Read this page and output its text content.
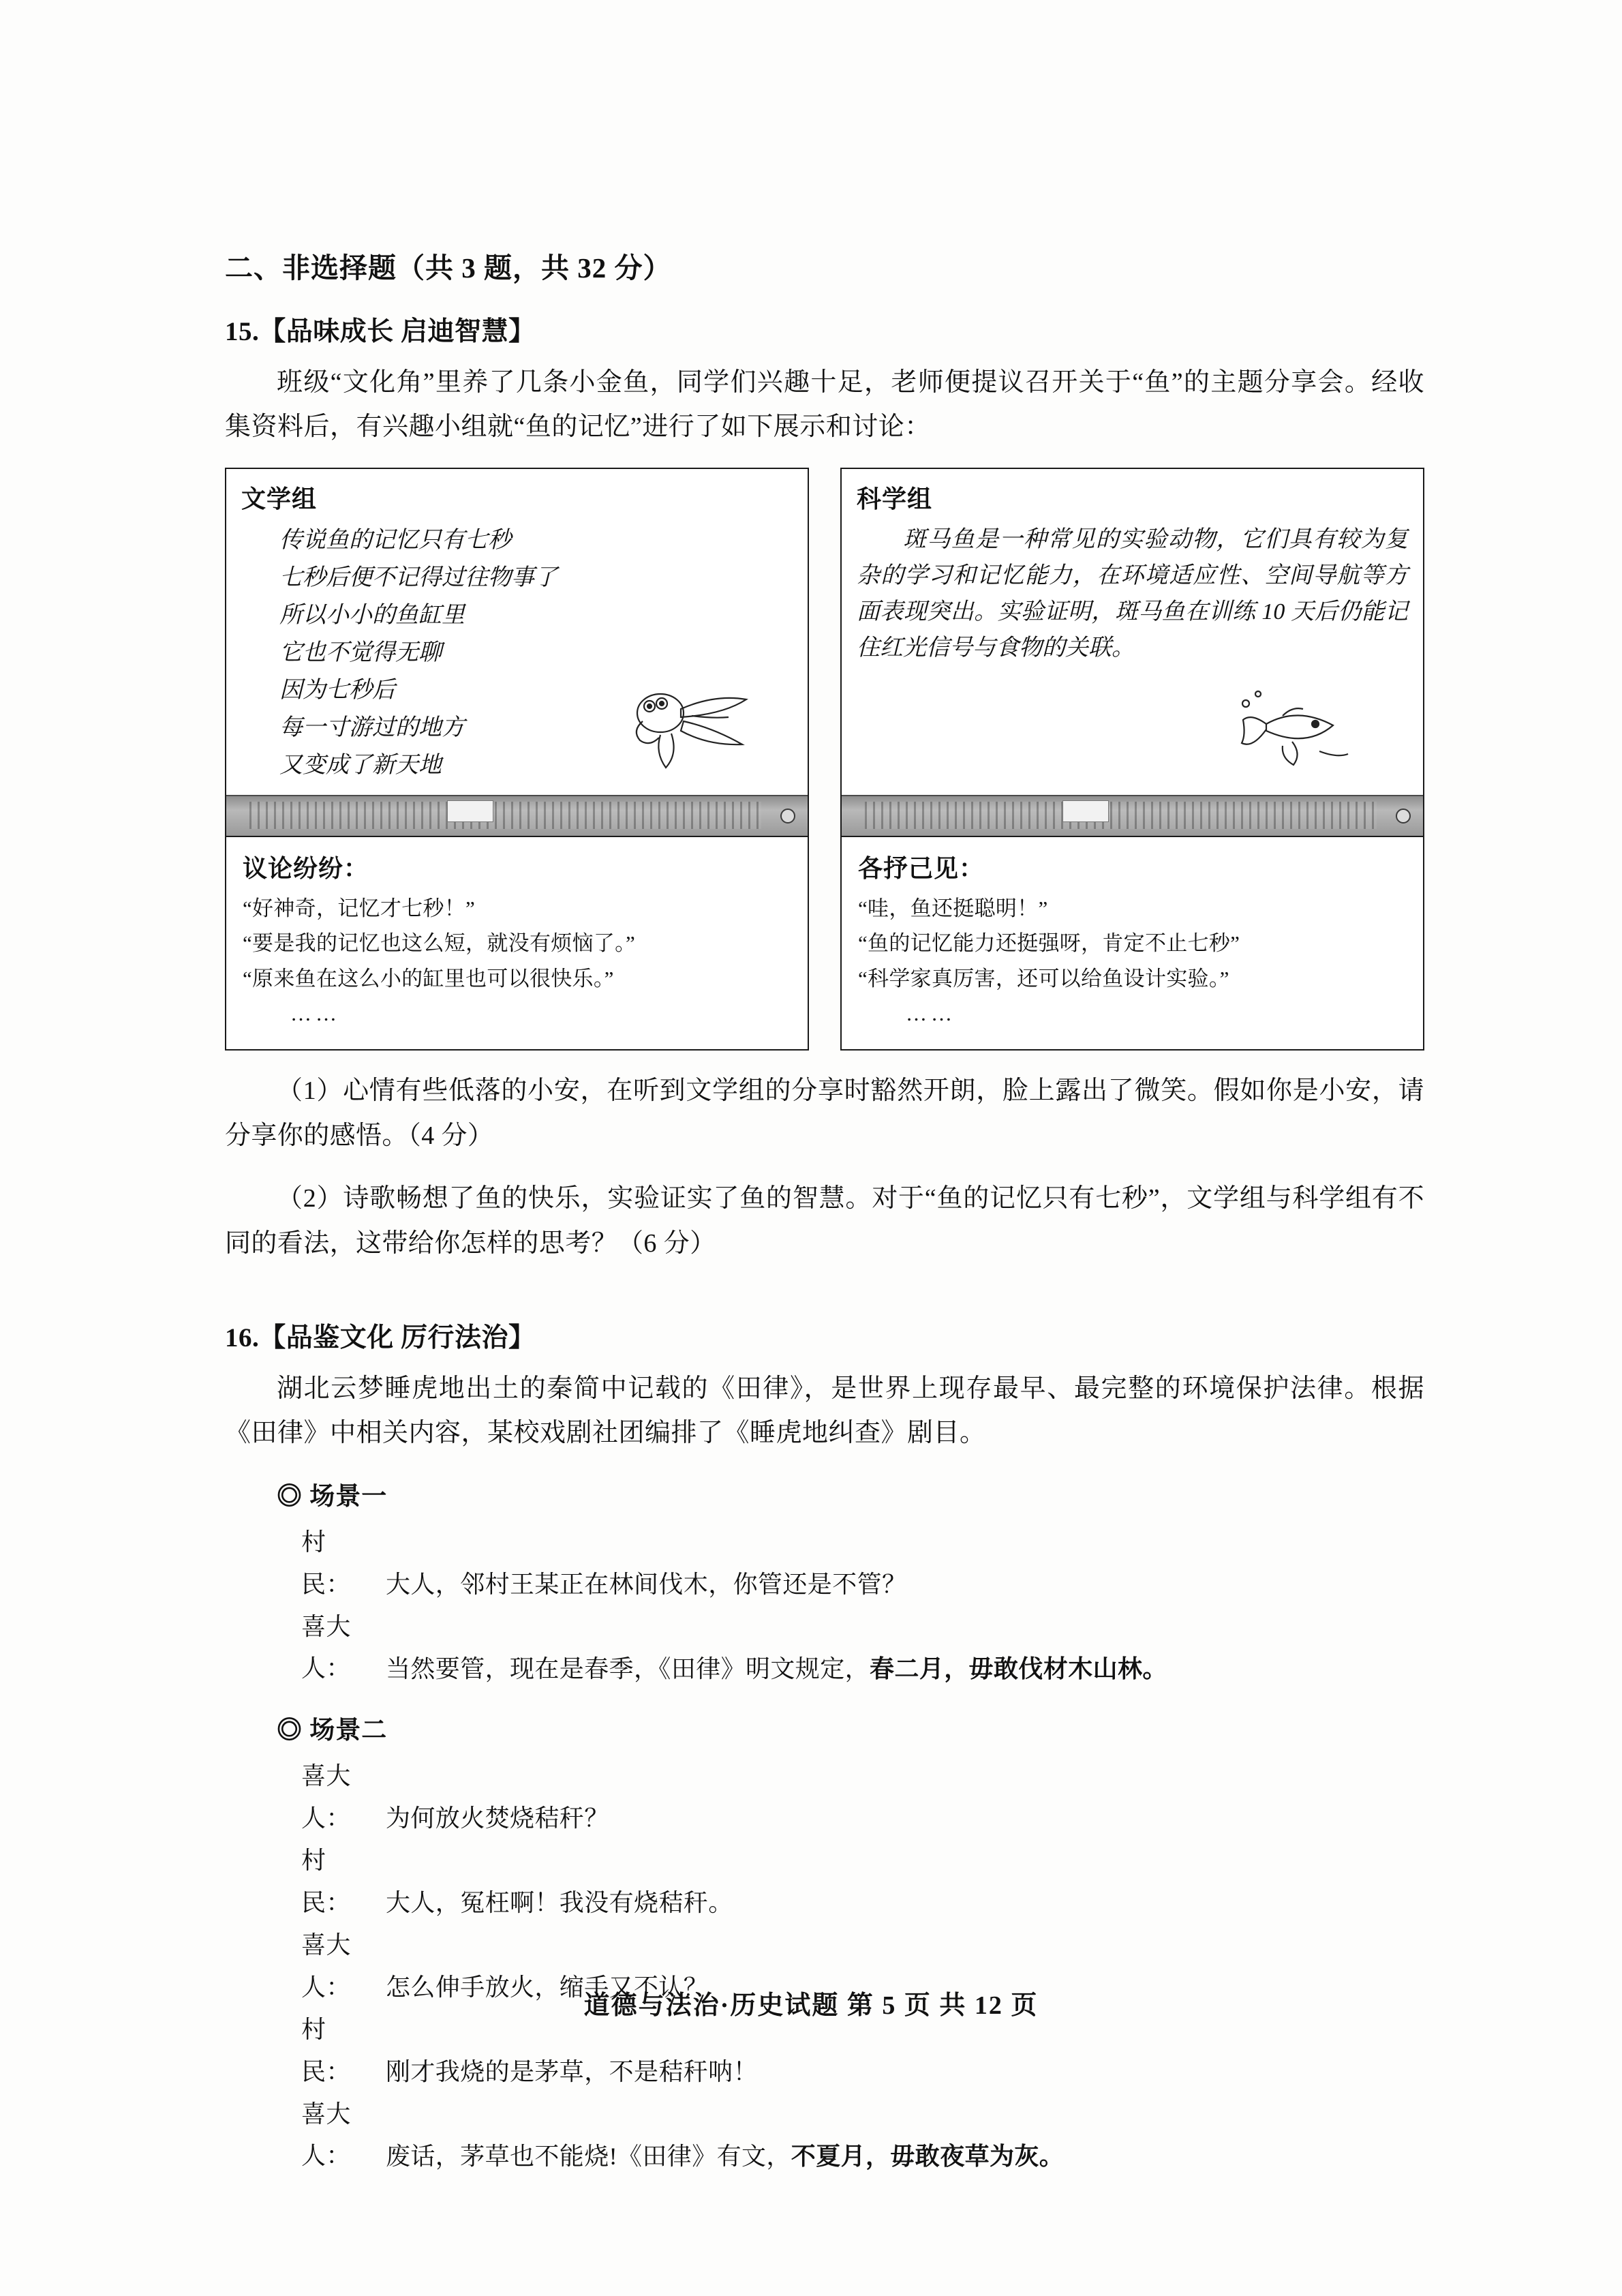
二、非选择题（共 3 题，共 32 分）
15.【品味成长 启迪智慧】
班级“文化角”里养了几条小金鱼，同学们兴趣十足，老师便提议召开关于“鱼”的主题分享会。经收集资料后，有兴趣小组就“鱼的记忆”进行了如下展示和讨论：
文学组
传说鱼的记忆只有七秒
七秒后便不记得过往物事了
所以小小的鱼缸里
它也不觉得无聊
因为七秒后
每一寸游过的地方
又变成了新天地
议论纷纷：
“好神奇，记忆才七秒！”
“要是我的记忆也这么短，就没有烦恼了。”
“原来鱼在这么小的缸里也可以很快乐。”
……
科学组
斑马鱼是一种常见的实验动物，它们具有较为复杂的学习和记忆能力，在环境适应性、空间导航等方面表现突出。实验证明，斑马鱼在训练 10 天后仍能记住红光信号与食物的关联。
各抒己见：
“哇，鱼还挺聪明！”
“鱼的记忆能力还挺强呀，肯定不止七秒”
“科学家真厉害，还可以给鱼设计实验。”
……
（1）心情有些低落的小安，在听到文学组的分享时豁然开朗，脸上露出了微笑。假如你是小安，请分享你的感悟。（4 分）
（2）诗歌畅想了鱼的快乐，实验证实了鱼的智慧。对于“鱼的记忆只有七秒”，文学组与科学组有不同的看法，这带给你怎样的思考？（6 分）
16.【品鉴文化 厉行法治】
湖北云梦睡虎地出土的秦简中记载的《田律》，是世界上现存最早、最完整的环境保护法律。根据《田律》中相关内容，某校戏剧社团编排了《睡虎地纠查》剧目。
◎ 场景一
村　民： 大人，邻村王某正在林间伐木，你管还是不管？
喜大人： 当然要管，现在是春季，《田律》明文规定，春二月，毋敢伐材木山林。
◎ 场景二
喜大人： 为何放火焚烧秸秆？
村　民： 大人，冤枉啊！我没有烧秸秆。
喜大人： 怎么伸手放火，缩手又不认？
村　民： 刚才我烧的是茅草，不是秸秆呐！
喜大人： 废话，茅草也不能烧!《田律》有文，不夏月，毋敢夜草为灰。
道德与法治·历史试题 第 5 页 共 12 页
